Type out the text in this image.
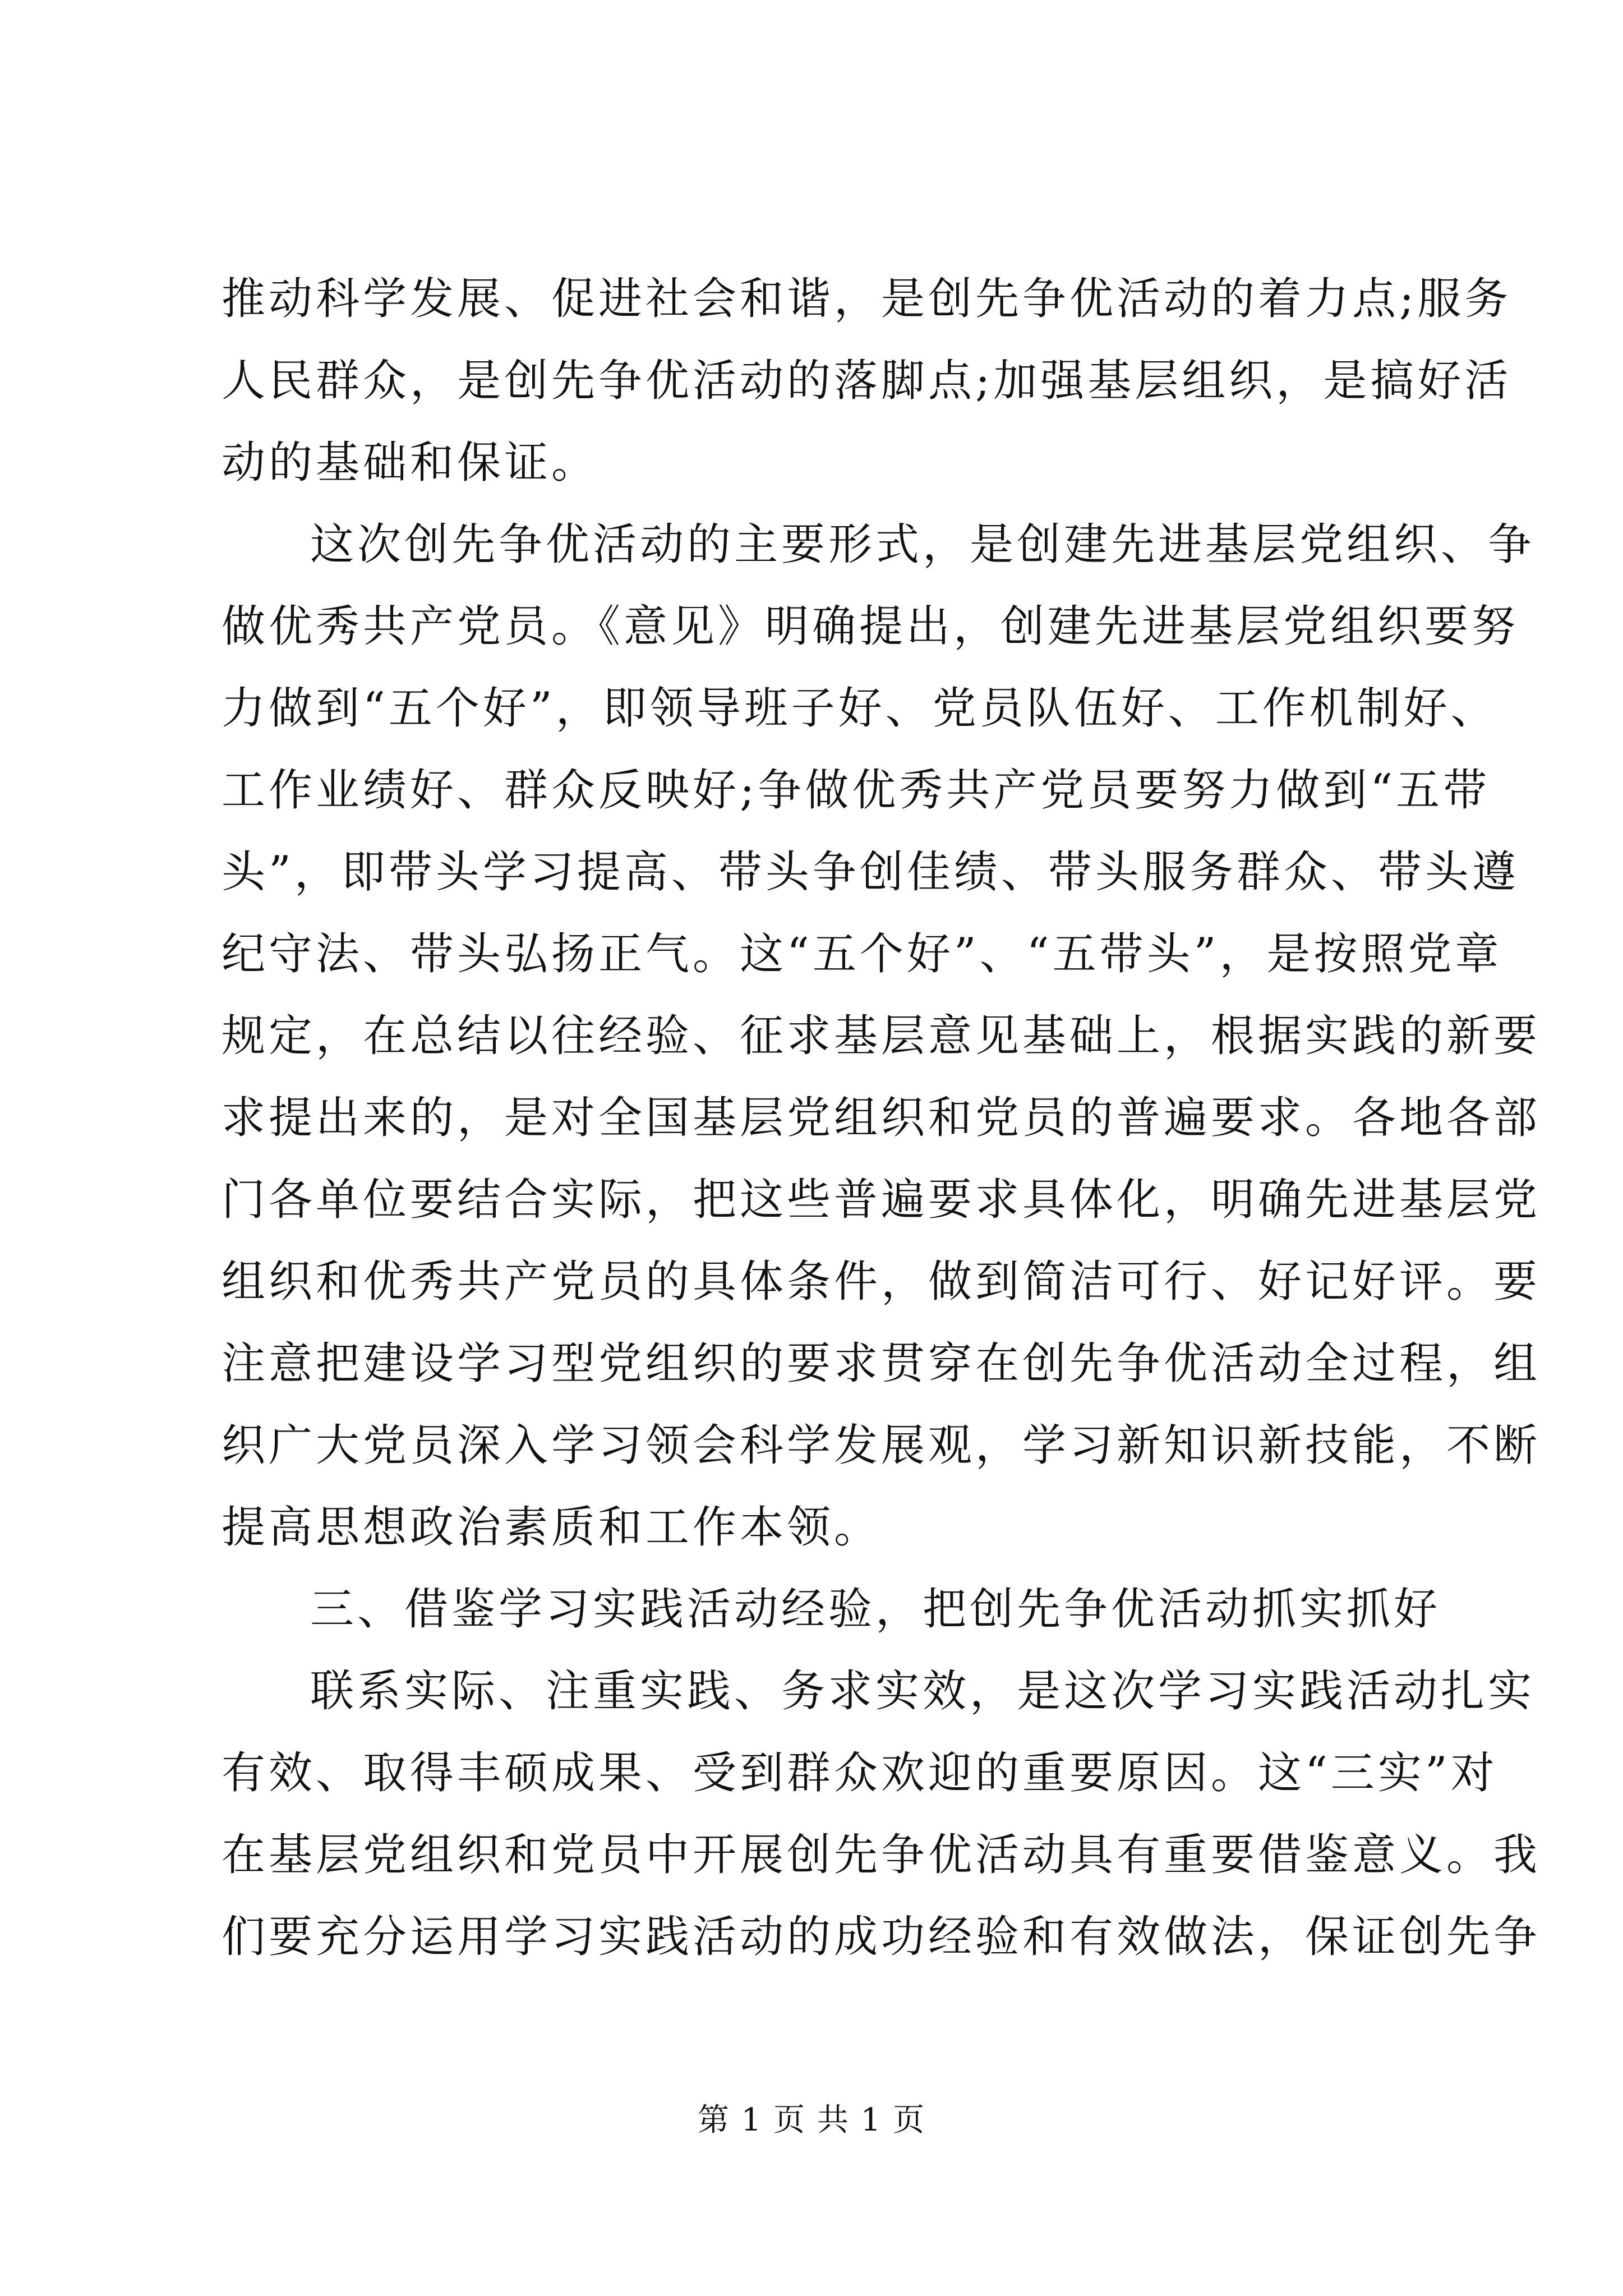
推动科学发展、促进社会和谐，是创先争优活动的着力点;服务
人民群众，是创先争优活动的落脚点;加强基层组织，是搞好活
动的基础和保证。
这次创先争优活动的主要形式，是创建先进基层党组织、争
做优秀共产党员。《意见》明确提出，创建先进基层党组织要努
力做到“五个好”，即领导班子好、党员队伍好、工作机制好、
工作业绩好、群众反映好;争做优秀共产党员要努力做到“五带
头”，即带头学习提高、带头争创佳绩、带头服务群众、带头遵
纪守法、带头弘扬正气。这“五个好”、“五带头”，是按照党章
规定，在总结以往经验、征求基层意见基础上，根据实践的新要
求提出来的，是对全国基层党组织和党员的普遍要求。各地各部
门各单位要结合实际，把这些普遍要求具体化，明确先进基层党
组织和优秀共产党员的具体条件，做到简洁可行、好记好评。要
注意把建设学习型党组织的要求贯穿在创先争优活动全过程，组
织广大党员深入学习领会科学发展观，学习新知识新技能，不断
提高思想政治素质和工作本领。
三、借鉴学习实践活动经验，把创先争优活动抓实抓好
联系实际、注重实践、务求实效，是这次学习实践活动扎实
有效、取得丰硕成果、受到群众欢迎的重要原因。这“三实”对
在基层党组织和党员中开展创先争优活动具有重要借鉴意义。我
们要充分运用学习实践活动的成功经验和有效做法，保证创先争
第 1 页 共 1 页
